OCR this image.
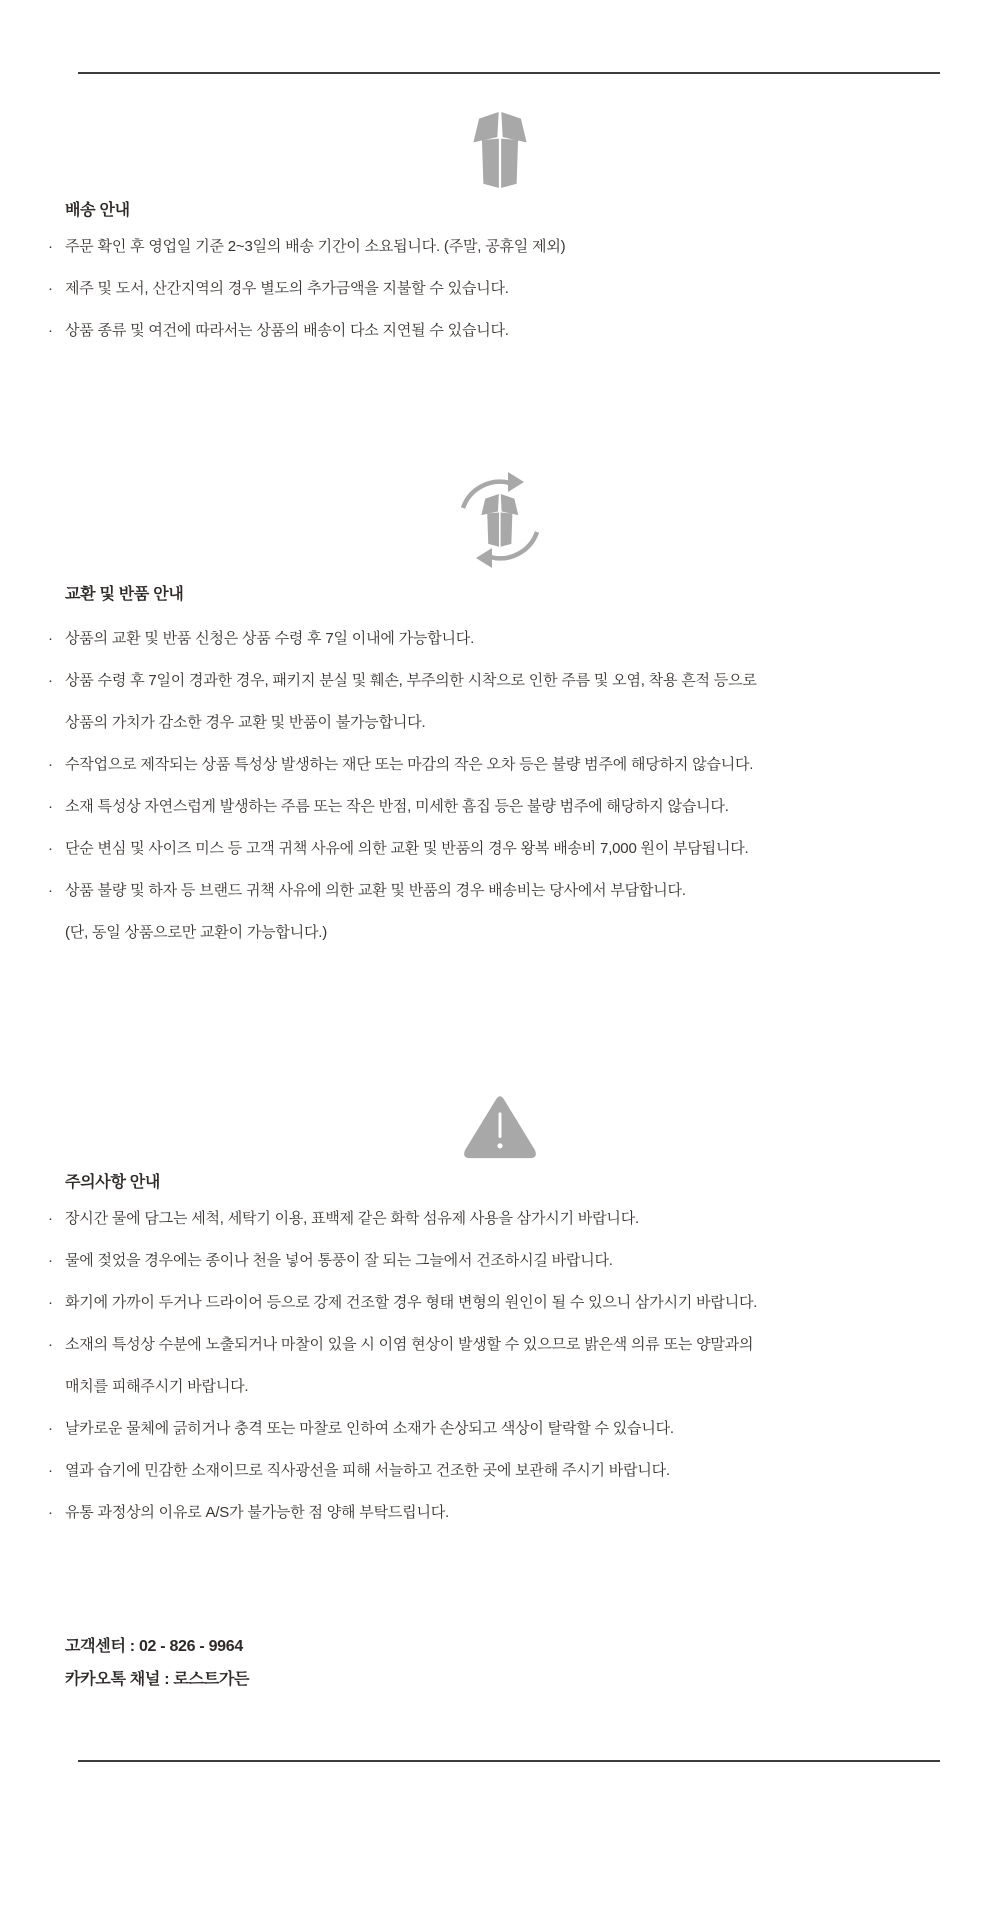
배송 안내
· 주문 확인 후 영업일 기준 2~3일의 배송 기간이 소요됩니다. (주말, 공휴일 제외)
· 제주 및 도서, 산간지역의 경우 별도의 추가금액을 지불할 수 있습니다.
· 상품 종류 및 여건에 따라서는 상품의 배송이 다소 지연될 수 있습니다.
교환 및 반품 안내
· 상품의 교환 및 반품 신청은 상품 수령 후 7일 이내에 가능합니다.
· 상품 수령 후 7일이 경과한 경우, 패키지 분실 및 훼손, 부주의한 시착으로 인한 주름 및 오염, 착용 흔적 등으로
상품의 가치가 감소한 경우 교환 및 반품이 불가능합니다.
· 수작업으로 제작되는 상품 특성상 발생하는 재단 또는 마감의 작은 오차 등은 불량 범주에 해당하지 않습니다.
· 소재 특성상 자연스럽게 발생하는 주름 또는 작은 반점, 미세한 흠집 등은 불량 범주에 해당하지 않습니다.
· 단순 변심 및 사이즈 미스 등 고객 귀책 사유에 의한 교환 및 반품의 경우 왕복 배송비 7,000 원이 부담됩니다.
· 상품 불량 및 하자 등 브랜드 귀책 사유에 의한 교환 및 반품의 경우 배송비는 당사에서 부담합니다.
(단, 동일 상품으로만 교환이 가능합니다.)
주의사항 안내
· 장시간 물에 담그는 세척, 세탁기 이용, 표백제 같은 화학 섬유제 사용을 삼가시기 바랍니다.
· 물에 젖었을 경우에는 종이나 천을 넣어 통풍이 잘 되는 그늘에서 건조하시길 바랍니다.
· 화기에 가까이 두거나 드라이어 등으로 강제 건조할 경우 형태 변형의 원인이 될 수 있으니 삼가시기 바랍니다.
· 소재의 특성상 수분에 노출되거나 마찰이 있을 시 이염 현상이 발생할 수 있으므로 밝은색 의류 또는 양말과의
매치를 피해주시기 바랍니다.
· 날카로운 물체에 긁히거나 충격 또는 마찰로 인하여 소재가 손상되고 색상이 탈락할 수 있습니다.
· 열과 습기에 민감한 소재이므로 직사광선을 피해 서늘하고 건조한 곳에 보관해 주시기 바랍니다.
· 유통 과정상의 이유로 A/S가 불가능한 점 양해 부탁드립니다.

고객센터 : 02 - 826 - 9964

카카오톡 채널 : 로스트가든
